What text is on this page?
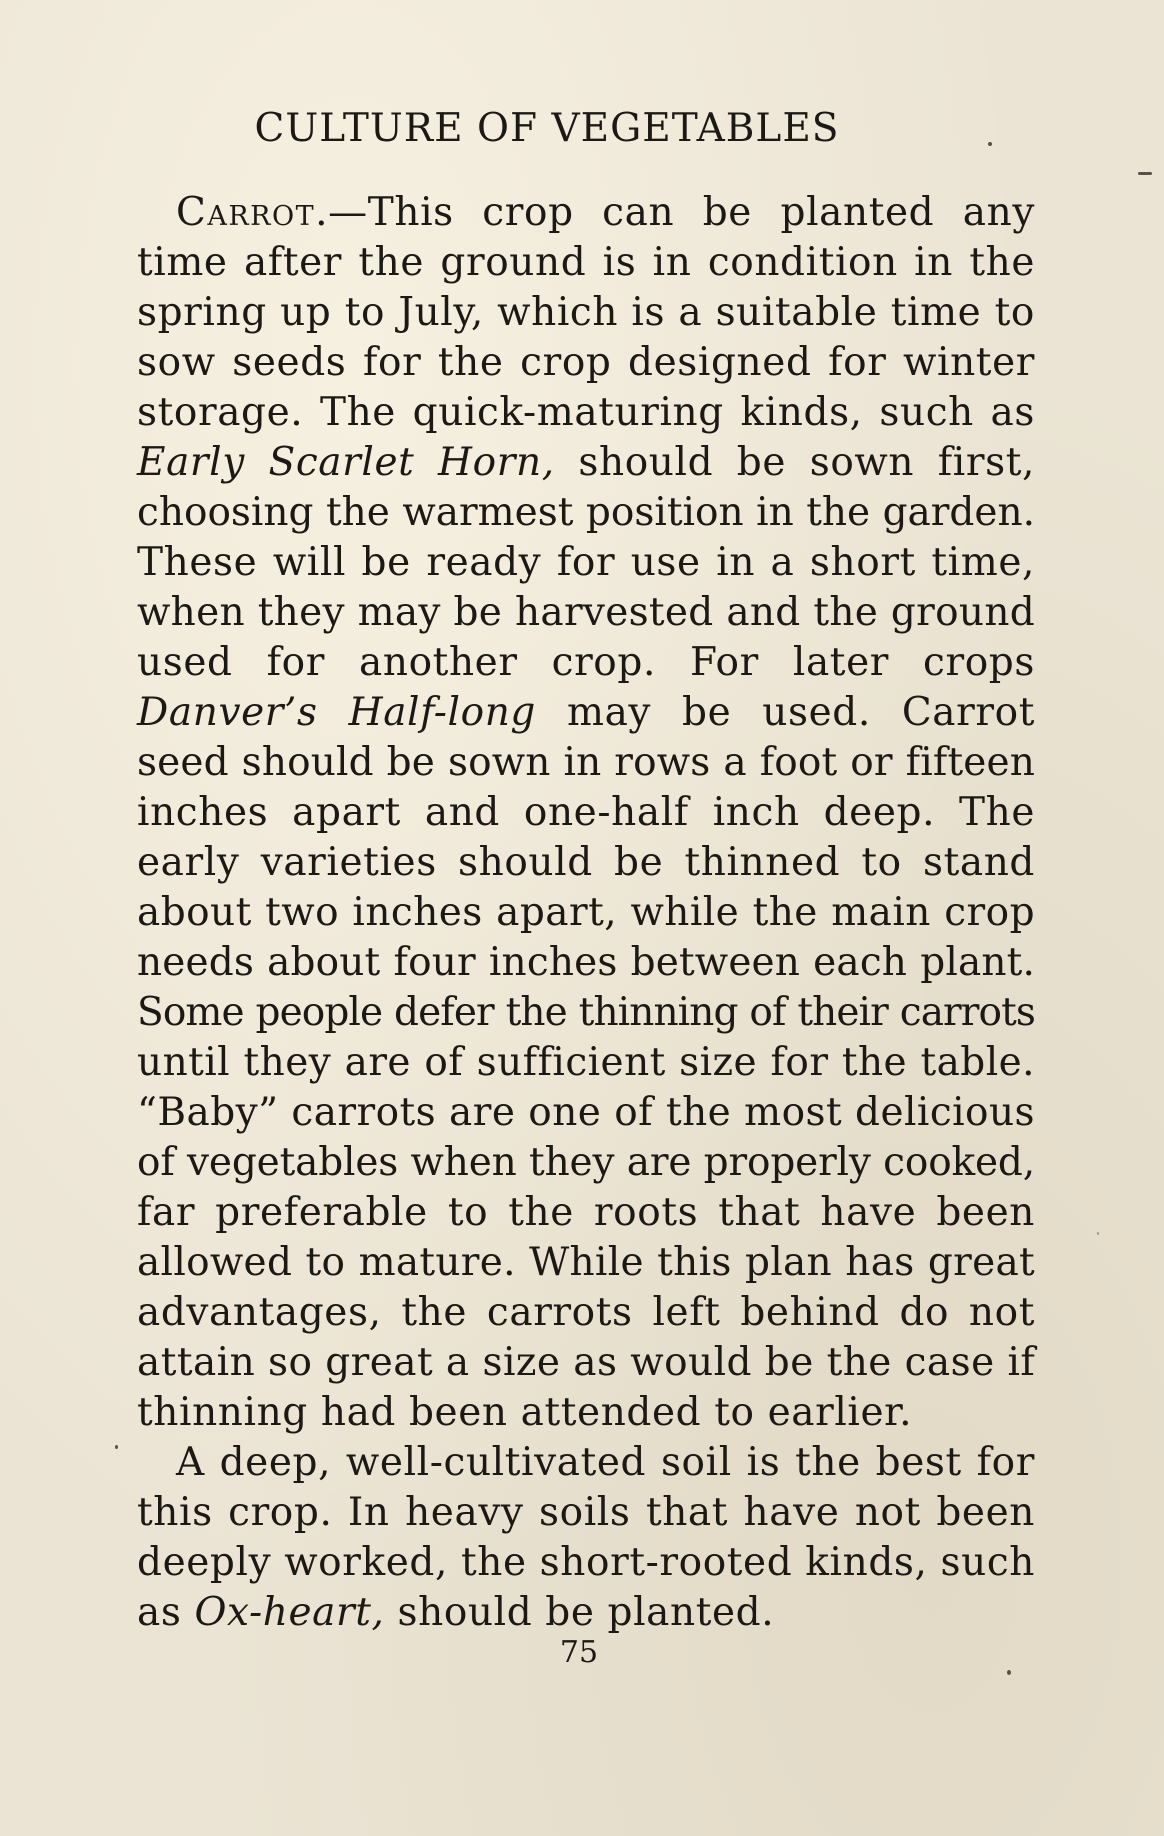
CULTURE OF VEGETABLES
Carrot.—This crop can be planted any
time after the ground is in condition in the
spring up to July, which is a suitable time to
sow seeds for the crop designed for winter
storage. The quick-maturing kinds, such as
Early Scarlet Horn, should be sown first,
choosing the warmest position in the garden.
These will be ready for use in a short time,
when they may be harvested and the ground
used for another crop. For later crops
Danver’s Half-long may be used. Carrot
seed should be sown in rows a foot or fifteen
inches apart and one-half inch deep. The
early varieties should be thinned to stand
about two inches apart, while the main crop
needs about four inches between each plant.
Some people defer the thinning of their carrots
until they are of sufficient size for the table.
“Baby” carrots are one of the most delicious
of vegetables when they are properly cooked,
far preferable to the roots that have been
allowed to mature. While this plan has great
advantages, the carrots left behind do not
attain so great a size as would be the case if
thinning had been attended to earlier.
A deep, well-cultivated soil is the best for
this crop. In heavy soils that have not been
deeply worked, the short-rooted kinds, such
as Ox-heart, should be planted.
75
